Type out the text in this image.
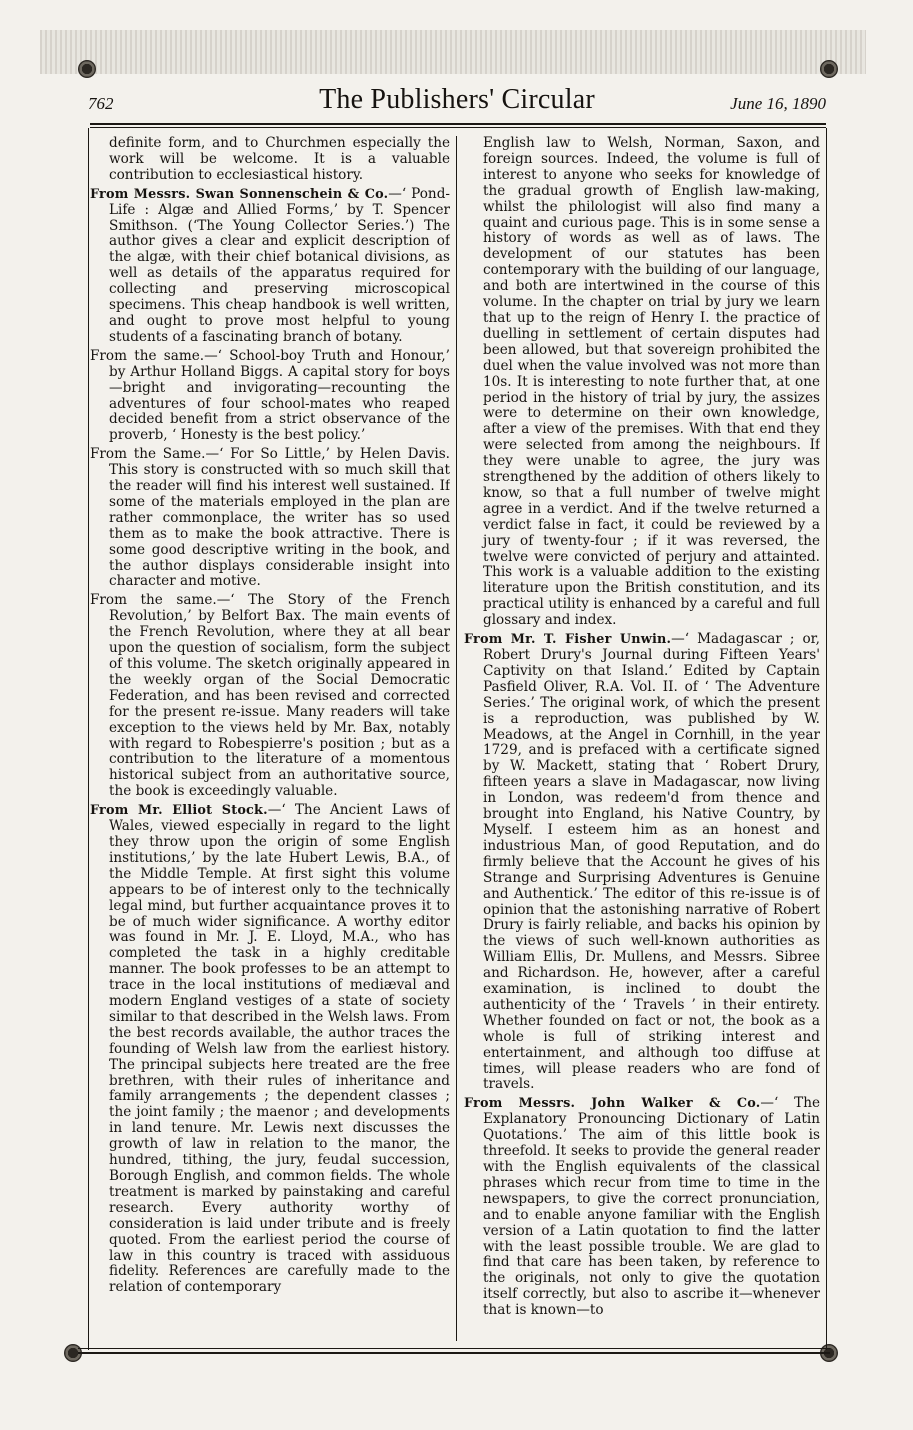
762	The Publishers' Circular	June 16, 1890

definite form, and to Churchmen especially the work will be welcome. It is a valuable contribution to ecclesiastical history.

From Messrs. Swan Sonnenschein & Co.—‘ Pond-Life : Algæ and Allied Forms,’ by T. Spencer Smithson. (‘The Young Collector Series.’) The author gives a clear and explicit description of the algæ, with their chief botanical divisions, as well as details of the apparatus required for collecting and preserving microscopical specimens. This cheap handbook is well written, and ought to prove most helpful to young students of a fascinating branch of botany.

From the same.—‘ School-boy Truth and Honour,’ by Arthur Holland Biggs. A capital story for boys—bright and invigorating—recounting the adventures of four school-mates who reaped decided benefit from a strict observance of the proverb, ‘ Honesty is the best policy.’

From the Same.—‘ For So Little,’ by Helen Davis. This story is constructed with so much skill that the reader will find his interest well sustained. If some of the materials employed in the plan are rather commonplace, the writer has so used them as to make the book attractive. There is some good descriptive writing in the book, and the author displays considerable insight into character and motive.

From the same.—‘ The Story of the French Revolution,’ by Belfort Bax. The main events of the French Revolution, where they at all bear upon the question of socialism, form the subject of this volume. The sketch originally appeared in the weekly organ of the Social Democratic Federation, and has been revised and corrected for the present re-issue. Many readers will take exception to the views held by Mr. Bax, notably with regard to Robespierre's position ; but as a contribution to the literature of a momentous historical subject from an authoritative source, the book is exceedingly valuable.

From Mr. Elliot Stock.—‘ The Ancient Laws of Wales, viewed especially in regard to the light they throw upon the origin of some English institutions,’ by the late Hubert Lewis, B.A., of the Middle Temple. At first sight this volume appears to be of interest only to the technically legal mind, but further acquaintance proves it to be of much wider significance. A worthy editor was found in Mr. J. E. Lloyd, M.A., who has completed the task in a highly creditable manner. The book professes to be an attempt to trace in the local institutions of mediæval and modern England vestiges of a state of society similar to that described in the Welsh laws. From the best records available, the author traces the founding of Welsh law from the earliest history. The principal subjects here treated are the free brethren, with their rules of inheritance and family arrangements ; the dependent classes ; the joint family ; the maenor ; and developments in land tenure. Mr. Lewis next discusses the growth of law in relation to the manor, the hundred, tithing, the jury, feudal succession, Borough English, and common fields. The whole treatment is marked by painstaking and careful research. Every authority worthy of consideration is laid under tribute and is freely quoted. From the earliest period the course of law in this country is traced with assiduous fidelity. References are carefully made to the relation of contemporary

English law to Welsh, Norman, Saxon, and foreign sources. Indeed, the volume is full of interest to anyone who seeks for knowledge of the gradual growth of English law-making, whilst the philologist will also find many a quaint and curious page. This is in some sense a history of words as well as of laws. The development of our statutes has been contemporary with the building of our language, and both are intertwined in the course of this volume. In the chapter on trial by jury we learn that up to the reign of Henry I. the practice of duelling in settlement of certain disputes had been allowed, but that sovereign prohibited the duel when the value involved was not more than 10s. It is interesting to note further that, at one period in the history of trial by jury, the assizes were to determine on their own knowledge, after a view of the premises. With that end they were selected from among the neighbours. If they were unable to agree, the jury was strengthened by the addition of others likely to know, so that a full number of twelve might agree in a verdict. And if the twelve returned a verdict false in fact, it could be reviewed by a jury of twenty-four ; if it was reversed, the twelve were convicted of perjury and attainted. This work is a valuable addition to the existing literature upon the British constitution, and its practical utility is enhanced by a careful and full glossary and index.

From Mr. T. Fisher Unwin.—‘ Madagascar ; or, Robert Drury's Journal during Fifteen Years' Captivity on that Island.’ Edited by Captain Pasfield Oliver, R.A. Vol. II. of ‘ The Adventure Series.’ The original work, of which the present is a reproduction, was published by W. Meadows, at the Angel in Cornhill, in the year 1729, and is prefaced with a certificate signed by W. Mackett, stating that ‘ Robert Drury, fifteen years a slave in Madagascar, now living in London, was redeem'd from thence and brought into England, his Native Country, by Myself. I esteem him as an honest and industrious Man, of good Reputation, and do firmly believe that the Account he gives of his Strange and Surprising Adventures is Genuine and Authentick.’ The editor of this re-issue is of opinion that the astonishing narrative of Robert Drury is fairly reliable, and backs his opinion by the views of such well-known authorities as William Ellis, Dr. Mullens, and Messrs. Sibree and Richardson. He, however, after a careful examination, is inclined to doubt the authenticity of the ‘ Travels ’ in their entirety. Whether founded on fact or not, the book as a whole is full of striking interest and entertainment, and although too diffuse at times, will please readers who are fond of travels.

From Messrs. John Walker & Co.—‘ The Explanatory Pronouncing Dictionary of Latin Quotations.’ The aim of this little book is threefold. It seeks to provide the general reader with the English equivalents of the classical phrases which recur from time to time in the newspapers, to give the correct pronunciation, and to enable anyone familiar with the English version of a Latin quotation to find the latter with the least possible trouble. We are glad to find that care has been taken, by reference to the originals, not only to give the quotation itself correctly, but also to ascribe it—whenever that is known—to
